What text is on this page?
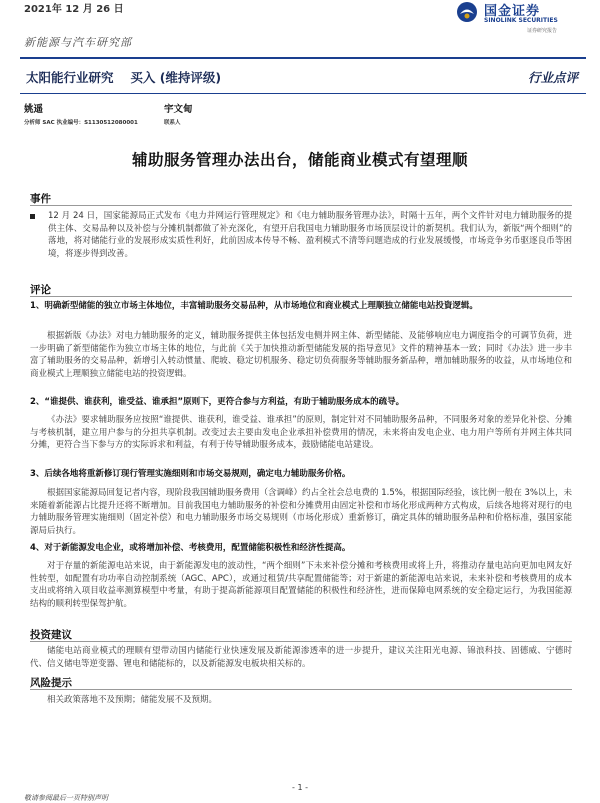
2021年 12 月 26 日	国金证券
SINOLINK SECURITIES
证券研究报告
新能源与汽车研究部
太阳能行业研究　 买入 (维持评级)	行业点评
姚遥
分析师 SAC 执业编号：S1130512080001
宇文甸
联系人
辅助服务管理办法出台，储能商业模式有望理顺
事件
12 月 24 日，国家能源局正式发布《电力并网运行管理规定》和《电力辅助服务管理办法》，时隔十五年，两个文件针对电力辅助服务的提供主体、交易品种以及补偿与分摊机制都做了补充深化，有望开启我国电力辅助服务市场顶层设计的新契机。我们认为，新版“两个细则”的落地，将对储能行业的发展形成实质性利好，此前因成本传导不畅、盈利模式不清等问题造成的行业发展缓慢，市场竞争劣币驱逐良币等困境，将逐步得到改善。
评论
1、明确新型储能的独立市场主体地位，丰富辅助服务交易品种，从市场地位和商业模式上理顺独立储能电站投資逻辑。
根据新版《办法》对电力辅助服务的定义，辅助服务提供主体包括发电侧并网主体、新型储能、及能够响应电力调度指令的可调节负荷，进一步明确了新型储能作为独立市场主体的地位，与此前《关于加快推动新型储能发展的指导意见》文件的精神基本一致；同时《办法》进一步丰富了辅助服务的交易品种，新增引入转动惯量、爬坡、稳定切机服务、稳定切负荷服务等辅助服务新品种，增加辅助服务的收益，从市场地位和商业模式上理顺独立储能电站的投资逻辑。
2、“谁提供、谁获利，谁受益、谁承担”原则下，更符合参与方利益，有助于辅助服务成本的疏导。
《办法》要求辅助服务应按照“谁提供、谁获利，谁受益、谁承担”的原则，制定针对不同辅助服务品种，不同服务对象的差异化补偿、分摊与考核机制，建立用户参与的分担共享机制。改变过去主要由发电企业承担补偿费用的情况，未来将由发电企业、电力用户等所有并网主体共同分摊，更符合当下参与方的实际诉求和利益，有利于传导辅助服务成本，鼓励储能电站建设。
3、后续各地将重新修订现行管理实施细则和市场交易规则，确定电力辅助服务价格。
根据国家能源局回复记者内容，现阶段我国辅助服务费用（含调峰）约占全社会总电费的 1.5%，根据国际经验，该比例一般在 3%以上，未来随着新能源占比提升还将不断增加。目前我国电力辅助服务的补偿和分摊费用由固定补偿和市场化形成两种方式构成，后续各地将对现行的电力辅助服务管理实施细则（固定补偿）和电力辅助服务市场交易规则（市场化形成）重新修订，确定具体的辅助服务品种和价格标准，强国家能源局后执行。
4、对于新能源发电企业，或将增加补偿、考核费用，配置储能积极性和经济性提高。
对于存量的新能源电站来说，由于新能源发电的波动性，“两个细则”下未来补偿分摊和考核费用或将上升，将推动存量电站向更加电网友好性转型，如配置有功功率自动控制系统（AGC、APC），或通过租赁/共享配置储能等；对于新建的新能源电站来说，未来补偿和考核费用的成本支出或将纳入项目收益率测算模型中考量，有助于提高新能源项目配置储能的积极性和经济性，进而保障电网系统的安全稳定运行，为我国能源结构的顺利转型保驾护航。
投资建议
储能电站商业模式的理顺有望带动国内储能行业快速发展及新能源渗透率的进一步提升，建议关注阳光电源、锦浪科技、固德威、宁德时代、信义储电等逆变器、锂电和储能标的，以及新能源发电板块相关标的。
风险提示
相关政策落地不及预期；储能发展不及预期。
- 1 -
敬请参阅最后一页特别声明
